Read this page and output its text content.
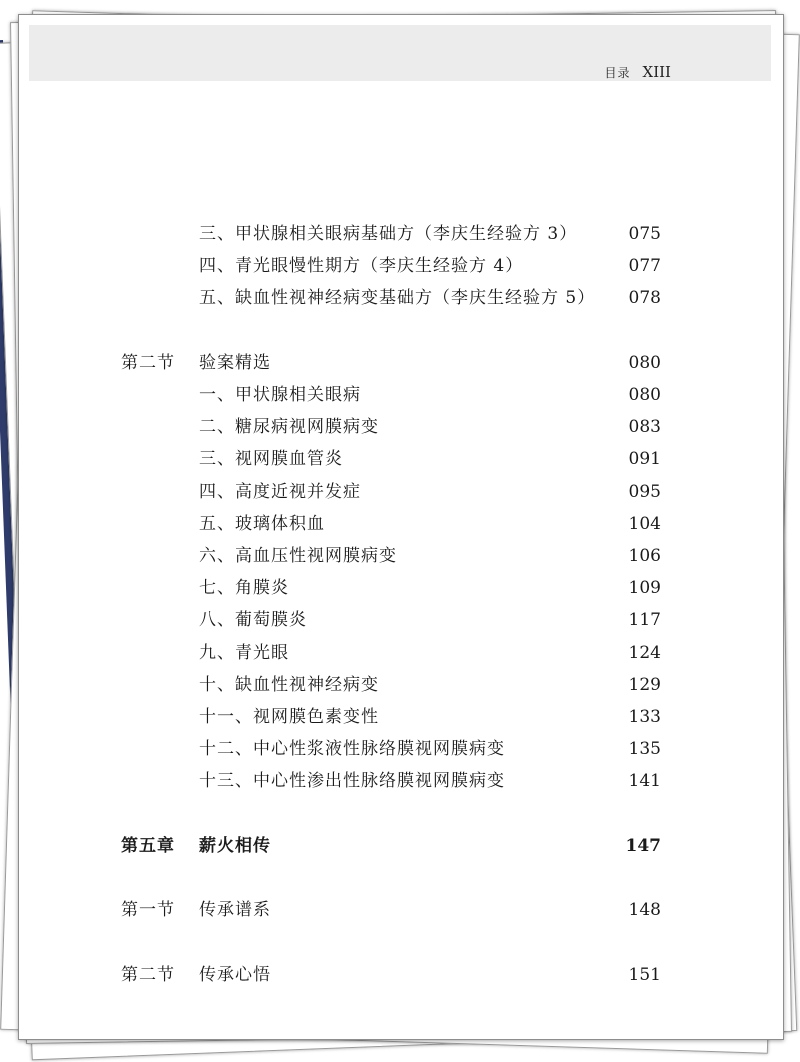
目录 XIII
三、甲状腺相关眼病基础方（李庆生经验方 3）	075
四、青光眼慢性期方（李庆生经验方 4）	077
五、缺血性视神经病变基础方（李庆生经验方 5） 078
第二节 验案精选	080
一、甲状腺相关眼病	080
二、糖尿病视网膜病变	083
三、视网膜血管炎	091
四、高度近视并发症	095
五、玻璃体积血	104
六、高血压性视网膜病变	106
七、角膜炎	109
八、葡萄膜炎	117
九、青光眼	124
十、缺血性视神经病变	129
十一、视网膜色素变性	133
十二、中心性浆液性脉络膜视网膜病变	135
十三、中心性渗出性脉络膜视网膜病变	141
第五章 薪火相传	147
第一节 传承谱系	148
第二节 传承心悟	151
